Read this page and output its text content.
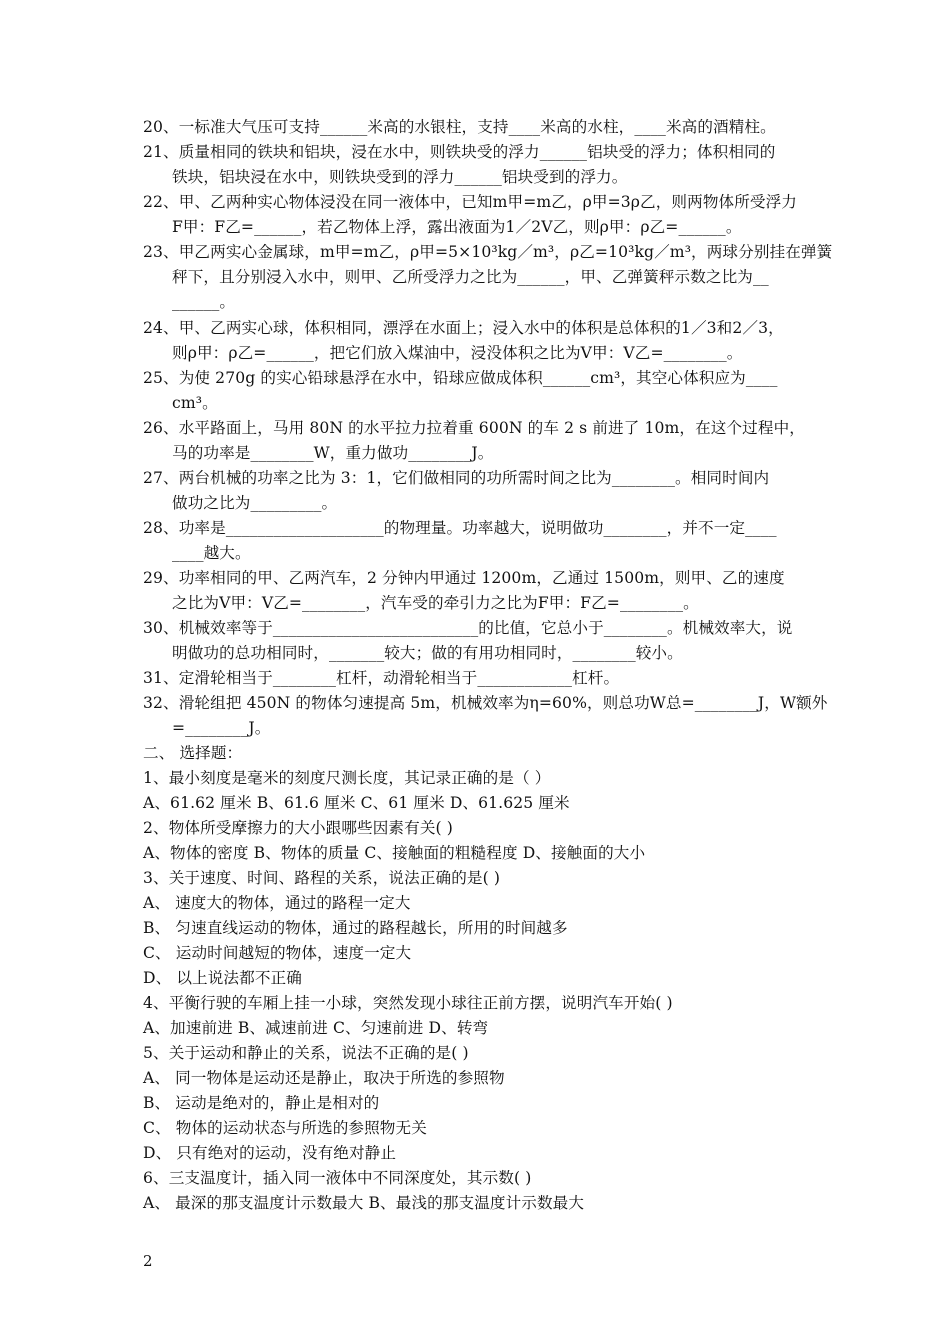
20、一标准大气压可支持______米高的水银柱，支持____米高的水柱，____米高的酒精柱。
21、质量相同的铁块和铝块，浸在水中，则铁块受的浮力______铝块受的浮力；体积相同的
铁块，铝块浸在水中，则铁块受到的浮力______铝块受到的浮力。
22、甲、乙两种实心物体浸没在同一液体中，已知m甲=m乙，ρ甲=3ρ乙，则两物体所受浮力
F甲：F乙=______，若乙物体上浮，露出液面为1／2V乙，则ρ甲：ρ乙=______。
23、甲乙两实心金属球，m甲=m乙，ρ甲=5×10³kg／m³，ρ乙=10³kg／m³，两球分别挂在弹簧
秤下，且分别浸入水中，则甲、乙所受浮力之比为______，甲、乙弹簧秤示数之比为__
______。
24、甲、乙两实心球，体积相同，漂浮在水面上；浸入水中的体积是总体积的1／3和2／3，
则ρ甲：ρ乙=______，把它们放入煤油中，浸没体积之比为V甲：V乙=________。
25、为使 270g 的实心铅球悬浮在水中，铅球应做成体积______cm³，其空心体积应为____
cm³。
26、水平路面上，马用 80N 的水平拉力拉着重 600N 的车 2 s 前进了 10m，在这个过程中，
马的功率是________W，重力做功________J。
27、两台机械的功率之比为 3：1，它们做相同的功所需时间之比为________。相同时间内
做功之比为_________。
28、功率是____________________的物理量。功率越大，说明做功________，并不一定____
____越大。
29、功率相同的甲、乙两汽车，2 分钟内甲通过 1200m，乙通过 1500m，则甲、乙的速度
之比为V甲：V乙=________，汽车受的牵引力之比为F甲：F乙=________。
30、机械效率等于__________________________的比值，它总小于________。机械效率大，说
明做功的总功相同时，_______较大；做的有用功相同时，________较小。
31、定滑轮相当于________杠杆，动滑轮相当于____________杠杆。
32、滑轮组把 450N 的物体匀速提高 5m，机械效率为η=60%，则总功W总=________J，W额外
=________J。
二、 选择题：
1、最小刻度是毫米的刻度尺测长度，其记录正确的是（ ）
A、61.62 厘米 B、61.6 厘米 C、61 厘米 D、61.625 厘米
2、物体所受摩擦力的大小跟哪些因素有关( )
A、物体的密度 B、物体的质量 C、接触面的粗糙程度 D、接触面的大小
3、关于速度、时间、路程的关系，说法正确的是( )
A、 速度大的物体，通过的路程一定大
B、 匀速直线运动的物体，通过的路程越长，所用的时间越多
C、 运动时间越短的物体，速度一定大
D、 以上说法都不正确
4、平衡行驶的车厢上挂一小球，突然发现小球往正前方摆，说明汽车开始( )
A、加速前进 B、减速前进 C、匀速前进 D、转弯
5、关于运动和静止的关系，说法不正确的是( )
A、 同一物体是运动还是静止，取决于所选的参照物
B、 运动是绝对的，静止是相对的
C、 物体的运动状态与所选的参照物无关
D、 只有绝对的运动，没有绝对静止
6、三支温度计，插入同一液体中不同深度处，其示数( )
A、 最深的那支温度计示数最大 B、最浅的那支温度计示数最大
2
